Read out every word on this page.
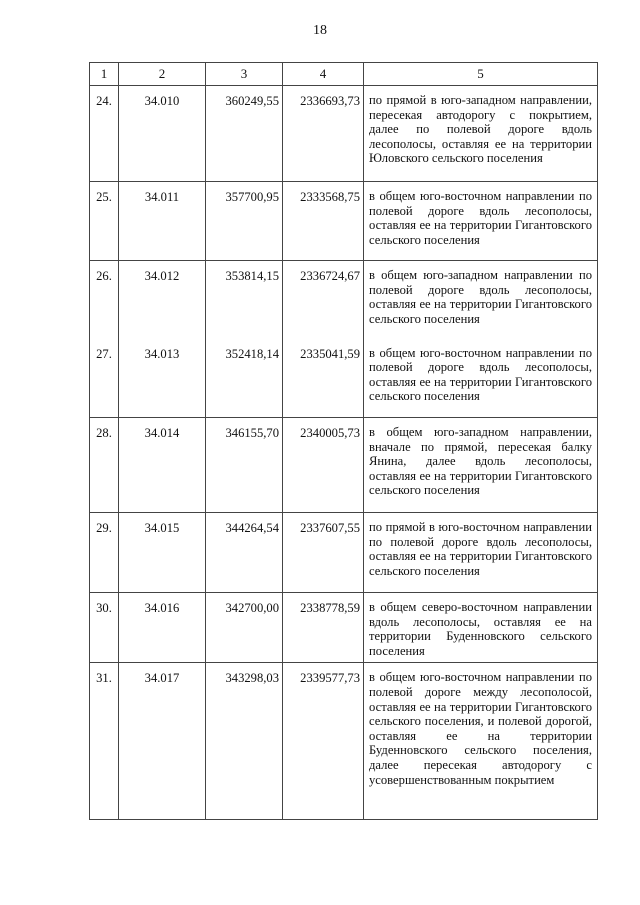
18
1	2	3	4	5
24.	34.010	360249,55	2336693,73	по прямой в юго-западном направлении, пересекая автодорогу с покрытием, далее по полевой дороге вдоль лесополосы, оставляя ее на территории Юловского сельского поселения
25.	34.011	357700,95	2333568,75	в общем юго-восточном направлении по полевой дороге вдоль лесополосы, оставляя ее на территории Гигантовского сельского поселения
26.	34.012	353814,15	2336724,67	в общем юго-западном направлении по полевой дороге вдоль лесополосы, оставляя ее на территории Гигантовского сельского поселения
27.	34.013	352418,14	2335041,59	в общем юго-восточном направлении по полевой дороге вдоль лесополосы, оставляя ее на территории Гигантовского сельского поселения
28.	34.014	346155,70	2340005,73	в общем юго-западном направлении, вначале по прямой, пересекая балку Янина, далее вдоль лесополосы, оставляя ее на территории Гигантовского сельского поселения
29.	34.015	344264,54	2337607,55	по прямой в юго-восточном направлении по полевой дороге вдоль лесополосы, оставляя ее на территории Гигантовского сельского поселения
30.	34.016	342700,00	2338778,59	в общем северо-восточном направлении вдоль лесополосы, оставляя ее на территории Буденновского сельского поселения
31.	34.017	343298,03	2339577,73	в общем юго-восточном направлении по полевой дороге между лесополосой, оставляя ее на территории Гигантовского сельского поселения, и полевой дорогой, оставляя ее на территории Буденновского сельского поселения, далее пересекая автодорогу с усовершенствованным покрытием
